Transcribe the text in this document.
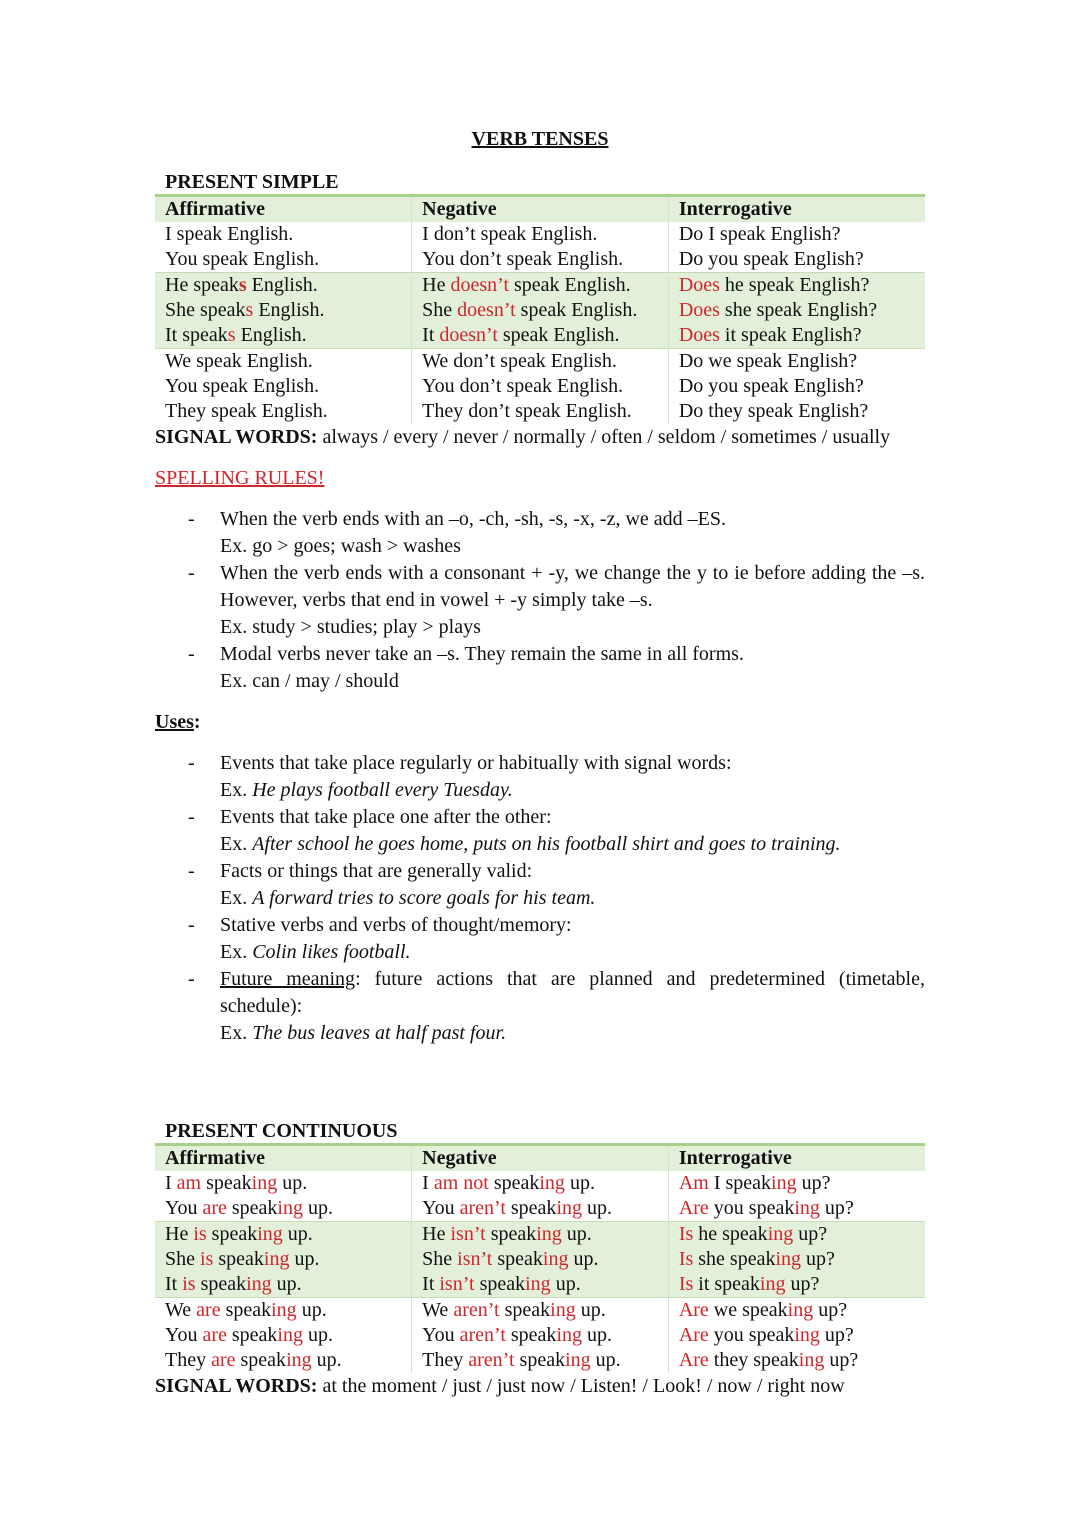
VERB TENSES
PRESENT SIMPLE
Affirmative	Negative	Interrogative
I speak English.	I don’t speak English.	Do I speak English?
You speak English.	You don’t speak English.	Do you speak English?
He speaks English.	He doesn’t speak English.	Does he speak English?
She speaks English.	She doesn’t speak English.	Does she speak English?
It speaks English.	It doesn’t speak English.	Does it speak English?
We speak English.	We don’t speak English.	Do we speak English?
You speak English.	You don’t speak English.	Do you speak English?
They speak English.	They don’t speak English.	Do they speak English?
SIGNAL WORDS: always / every / never / normally / often / seldom / sometimes / usually
SPELLING RULES!
- When the verb ends with an –o, -ch, -sh, -s, -x, -z, we add –ES.
Ex. go > goes; wash > washes
- When the verb ends with a consonant + -y, we change the y to ie before adding the –s. However, verbs that end in vowel + -y simply take –s.
Ex. study > studies; play > plays
- Modal verbs never take an –s. They remain the same in all forms.
Ex. can / may / should
Uses:
- Events that take place regularly or habitually with signal words:
Ex. He plays football every Tuesday.
- Events that take place one after the other:
Ex. After school he goes home, puts on his football shirt and goes to training.
- Facts or things that are generally valid:
Ex. A forward tries to score goals for his team.
- Stative verbs and verbs of thought/memory:
Ex. Colin likes football.
- Future meaning: future actions that are planned and predetermined (timetable, schedule):
Ex. The bus leaves at half past four.
PRESENT CONTINUOUS
Affirmative	Negative	Interrogative
I am speaking up.	I am not speaking up.	Am I speaking up?
You are speaking up.	You aren’t speaking up.	Are you speaking up?
He is speaking up.	He isn’t speaking up.	Is he speaking up?
She is speaking up.	She isn’t speaking up.	Is she speaking up?
It is speaking up.	It isn’t speaking up.	Is it speaking up?
We are speaking up.	We aren’t speaking up.	Are we speaking up?
You are speaking up.	You aren’t speaking up.	Are you speaking up?
They are speaking up.	They aren’t speaking up.	Are they speaking up?
SIGNAL WORDS: at the moment / just / just now / Listen! / Look! / now / right now
